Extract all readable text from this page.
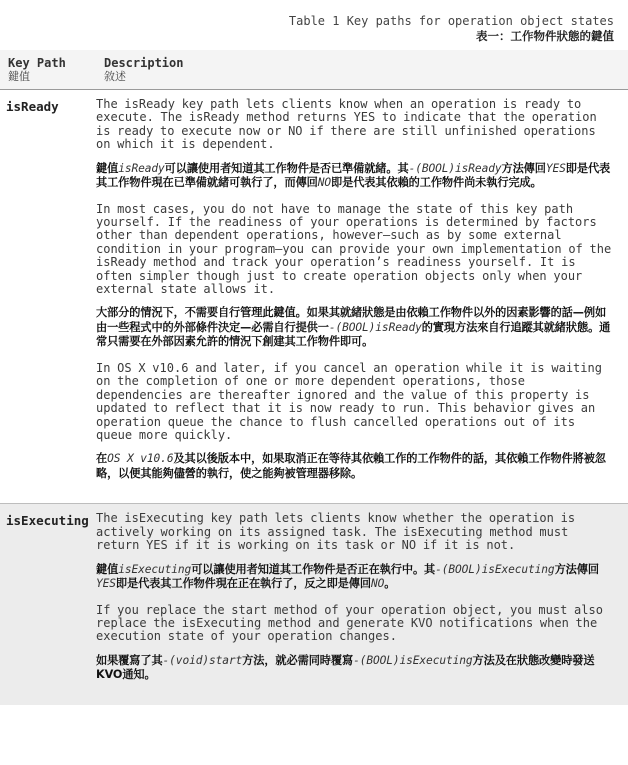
Table 1 Key paths for operation object states
表一：工作物件狀態的鍵值
Key Path
鍵值
Description
敘述
isReady	The isReady key path lets clients know when an operation is ready to execute. The isReady method returns YES to indicate that the operation is ready to execute now or NO if there are still unfinished operations on which it is dependent.

鍵值isReady可以讓使用者知道其工作物件是否已準備就緒。其-(BOOL)isReady方法傳回YES即是代表其工作物件現在已準備就緒可執行了，而傳回NO即是代表其依賴的工作物件尚未執行完成。

In most cases, you do not have to manage the state of this key path yourself. If the readiness of your operations is determined by factors other than dependent operations, however—such as by some external condition in your program—you can provide your own implementation of the isReady method and track your operation’s readiness yourself. It is often simpler though just to create operation objects only when your external state allows it.

大部分的情況下，不需要自行管理此鍵值。如果其就緒狀態是由依賴工作物件以外的因素影響的話—例如由一些程式中的外部條件決定—必需自行提供一-(BOOL)isReady的實現方法來自行追蹤其就緒狀態。通常只需要在外部因素允許的情況下創建其工作物件即可。

In OS X v10.6 and later, if you cancel an operation while it is waiting on the completion of one or more dependent operations, those dependencies are thereafter ignored and the value of this property is updated to reflect that it is now ready to run. This behavior gives an operation queue the chance to flush cancelled operations out of its queue more quickly.

在OS X v10.6及其以後版本中，如果取消正在等待其依賴工作的工作物件的話，其依賴工作物件將被忽略，以便其能夠儘營的執行，使之能夠被管理器移除。

isExecuting The isExecuting key path lets clients know whether the operation is actively working on its assigned task. The isExecuting method must return YES if it is working on its task or NO if it is not.

鍵值isExecuting可以讓使用者知道其工作物件是否正在執行中。其-(BOOL)isExecuting方法傳回YES即是代表其工作物件現在正在執行了，反之即是傳回NO。

If you replace the start method of your operation object, you must also replace the isExecuting method and generate KVO notifications when the execution state of your operation changes.

如果覆寫了其-(void)start方法，就必需同時覆寫-(BOOL)isExecuting方法及在狀態改變時發送KVO通知。
